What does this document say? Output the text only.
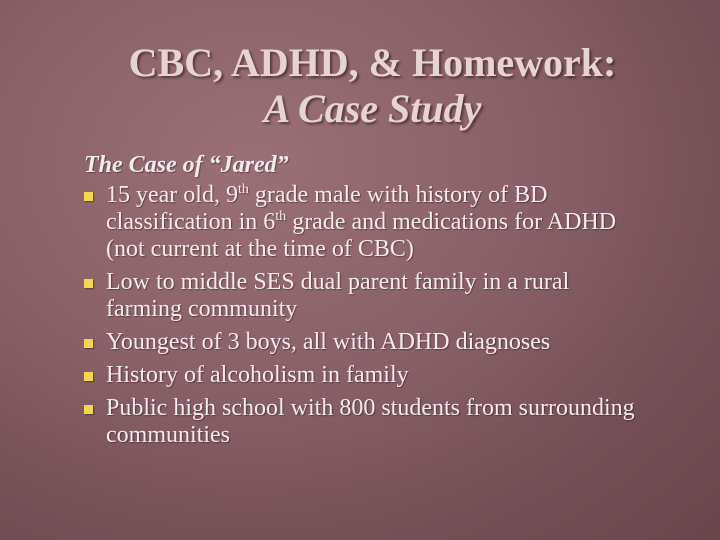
CBC, ADHD, & Homework:
A Case Study
The Case of “Jared”
15 year old, 9th grade male with history of BD classification in 6th grade and medications for ADHD (not current at the time of CBC)
Low to middle SES dual parent family in a rural farming community
Youngest of 3 boys, all with ADHD diagnoses
History of alcoholism in family
Public high school with 800 students from surrounding communities
